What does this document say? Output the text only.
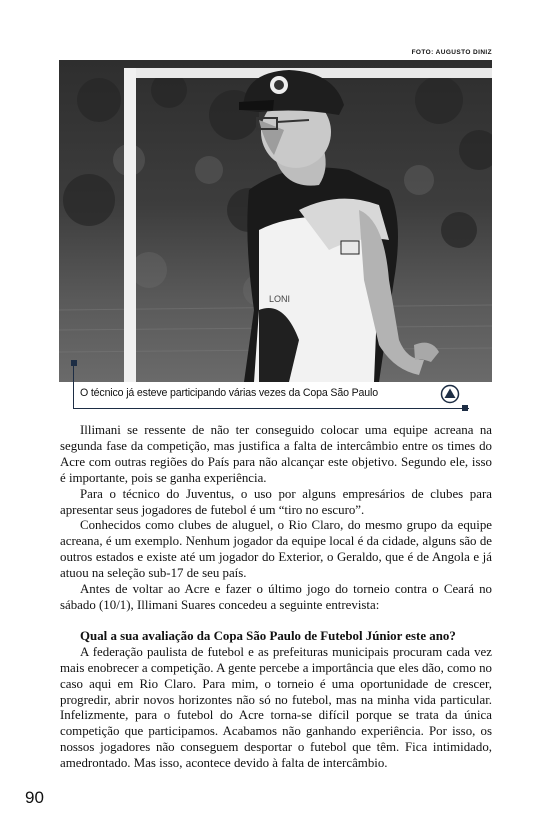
FOTO: AUGUSTO DINIZ
LONI
O técnico já esteve participando várias vezes da Copa São Paulo

Illimani se ressente de não ter conseguido colocar uma equipe acreana na segunda fase da competição, mas justifica a falta de intercâmbio entre os times do Acre com outras regiões do País para não alcançar este objetivo. Segundo ele, isso é importante, pois se ganha experiência.

Para o técnico do Juventus, o uso por alguns empresários de clubes para apresentar seus jogadores de futebol é um “tiro no escuro”.

Conhecidos como clubes de aluguel, o Rio Claro, do mesmo grupo da equipe acreana, é um exemplo. Nenhum jogador da equipe local é da cidade, alguns são de outros estados e existe até um jogador do Exterior, o Geraldo, que é de Angola e já atuou na seleção sub-17 de seu país.

Antes de voltar ao Acre e fazer o último jogo do torneio contra o Ceará no sábado (10/1), Illimani Suares concedeu a seguinte entrevista:

Qual a sua avaliação da Copa São Paulo de Futebol Júnior este ano?

A federação paulista de futebol e as prefeituras municipais procuram cada vez mais enobrecer a competição. A gente percebe a importância que eles dão, como no caso aqui em Rio Claro. Para mim, o torneio é uma oportunidade de crescer, progredir, abrir novos horizontes não só no futebol, mas na minha vida particular. Infelizmente, para o futebol do Acre torna-se difícil porque se trata da única competição que participamos. Acabamos não ganhando experiência. Por isso, os nossos jogadores não conseguem desportar o futebol que têm. Fica intimidado, amedrontado. Mas isso, acontece devido à falta de intercâmbio.

90
